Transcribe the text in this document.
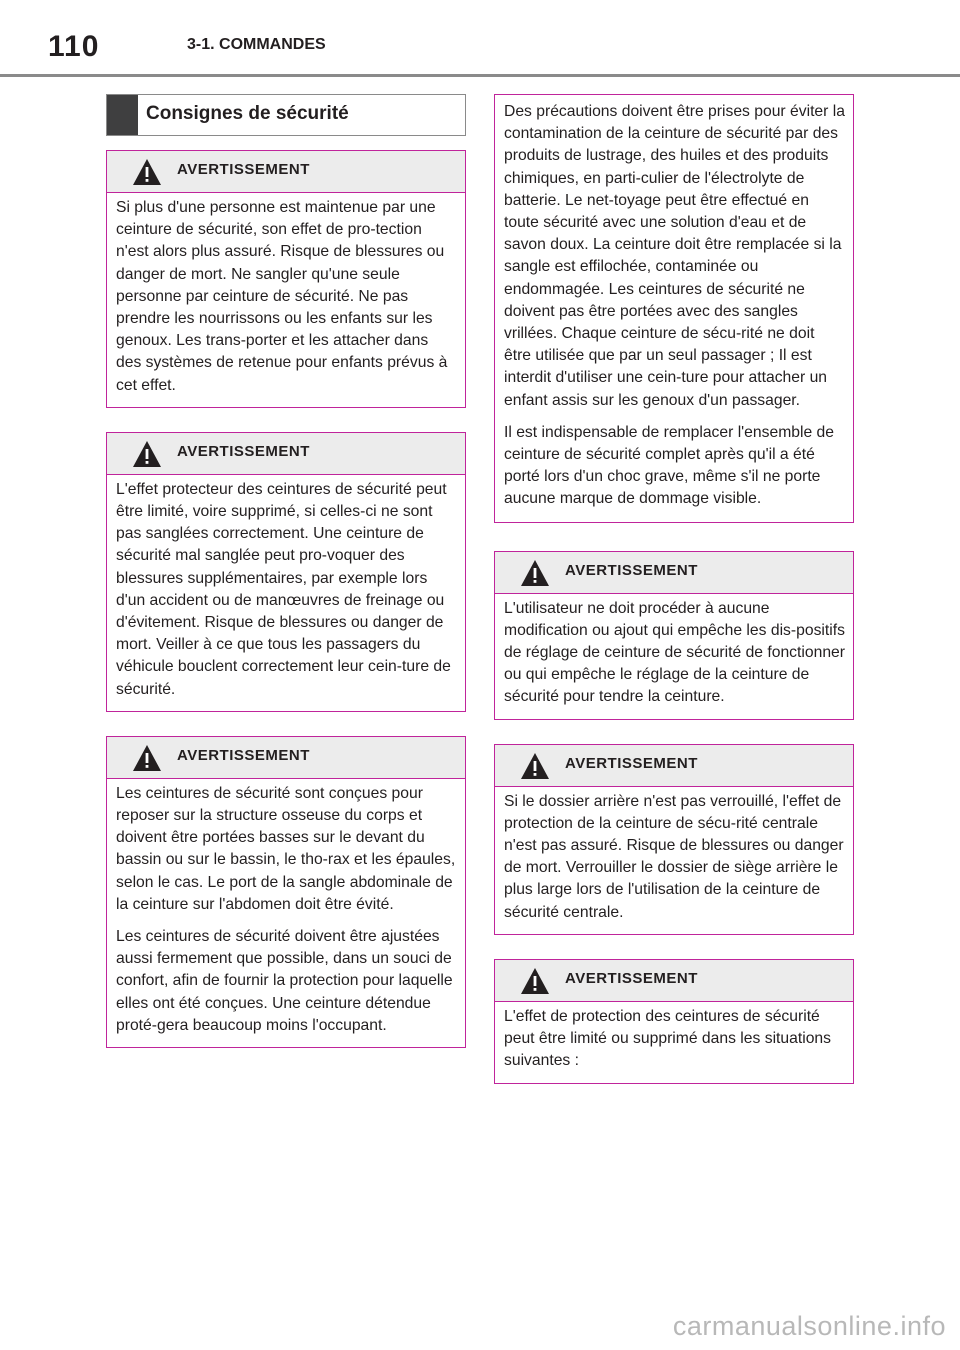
110	3-1. COMMANDES
Consignes de sécurité
AVERTISSEMENT

Si plus d'une personne est maintenue par une ceinture de sécurité, son effet de pro-tection n'est alors plus assuré. Risque de blessures ou danger de mort. Ne sangler qu'une seule personne par ceinture de sécurité. Ne pas prendre les nourrissons ou les enfants sur les genoux. Les trans-porter et les attacher dans des systèmes de retenue pour enfants prévus à cet effet.

AVERTISSEMENT

L'effet protecteur des ceintures de sécurité peut être limité, voire supprimé, si celles-ci ne sont pas sanglées correctement. Une ceinture de sécurité mal sanglée peut pro-voquer des blessures supplémentaires, par exemple lors d'un accident ou de manœuvres de freinage ou d'évitement. Risque de blessures ou danger de mort. Veiller à ce que tous les passagers du véhicule bouclent correctement leur cein-ture de sécurité.

AVERTISSEMENT

Les ceintures de sécurité sont conçues pour reposer sur la structure osseuse du corps et doivent être portées basses sur le devant du bassin ou sur le bassin, le tho-rax et les épaules, selon le cas. Le port de la sangle abdominale de la ceinture sur l'abdomen doit être évité.

Les ceintures de sécurité doivent être ajustées aussi fermement que possible, dans un souci de confort, afin de fournir la protection pour laquelle elles ont été conçues. Une ceinture détendue proté-gera beaucoup moins l'occupant.

Des précautions doivent être prises pour éviter la contamination de la ceinture de sécurité par des produits de lustrage, des huiles et des produits chimiques, en parti-culier de l'électrolyte de batterie. Le net-toyage peut être effectué en toute sécurité avec une solution d'eau et de savon doux. La ceinture doit être remplacée si la sangle est effilochée, contaminée ou endommagée. Les ceintures de sécurité ne doivent pas être portées avec des sangles vrillées. Chaque ceinture de sécu-rité ne doit être utilisée que par un seul passager ; Il est interdit d'utiliser une cein-ture pour attacher un enfant assis sur les genoux d'un passager.

Il est indispensable de remplacer l'ensemble de ceinture de sécurité complet après qu'il a été porté lors d'un choc grave, même s'il ne porte aucune marque de dommage visible.

AVERTISSEMENT

L'utilisateur ne doit procéder à aucune modification ou ajout qui empêche les dis-positifs de réglage de ceinture de sécurité de fonctionner ou qui empêche le réglage de la ceinture de sécurité pour tendre la ceinture.

AVERTISSEMENT

Si le dossier arrière n'est pas verrouillé, l'effet de protection de la ceinture de sécu-rité centrale n'est pas assuré. Risque de blessures ou danger de mort. Verrouiller le dossier de siège arrière le plus large lors de l'utilisation de la ceinture de sécurité centrale.

AVERTISSEMENT

L'effet de protection des ceintures de sécurité peut être limité ou supprimé dans les situations suivantes :

carmanualsonline.info
